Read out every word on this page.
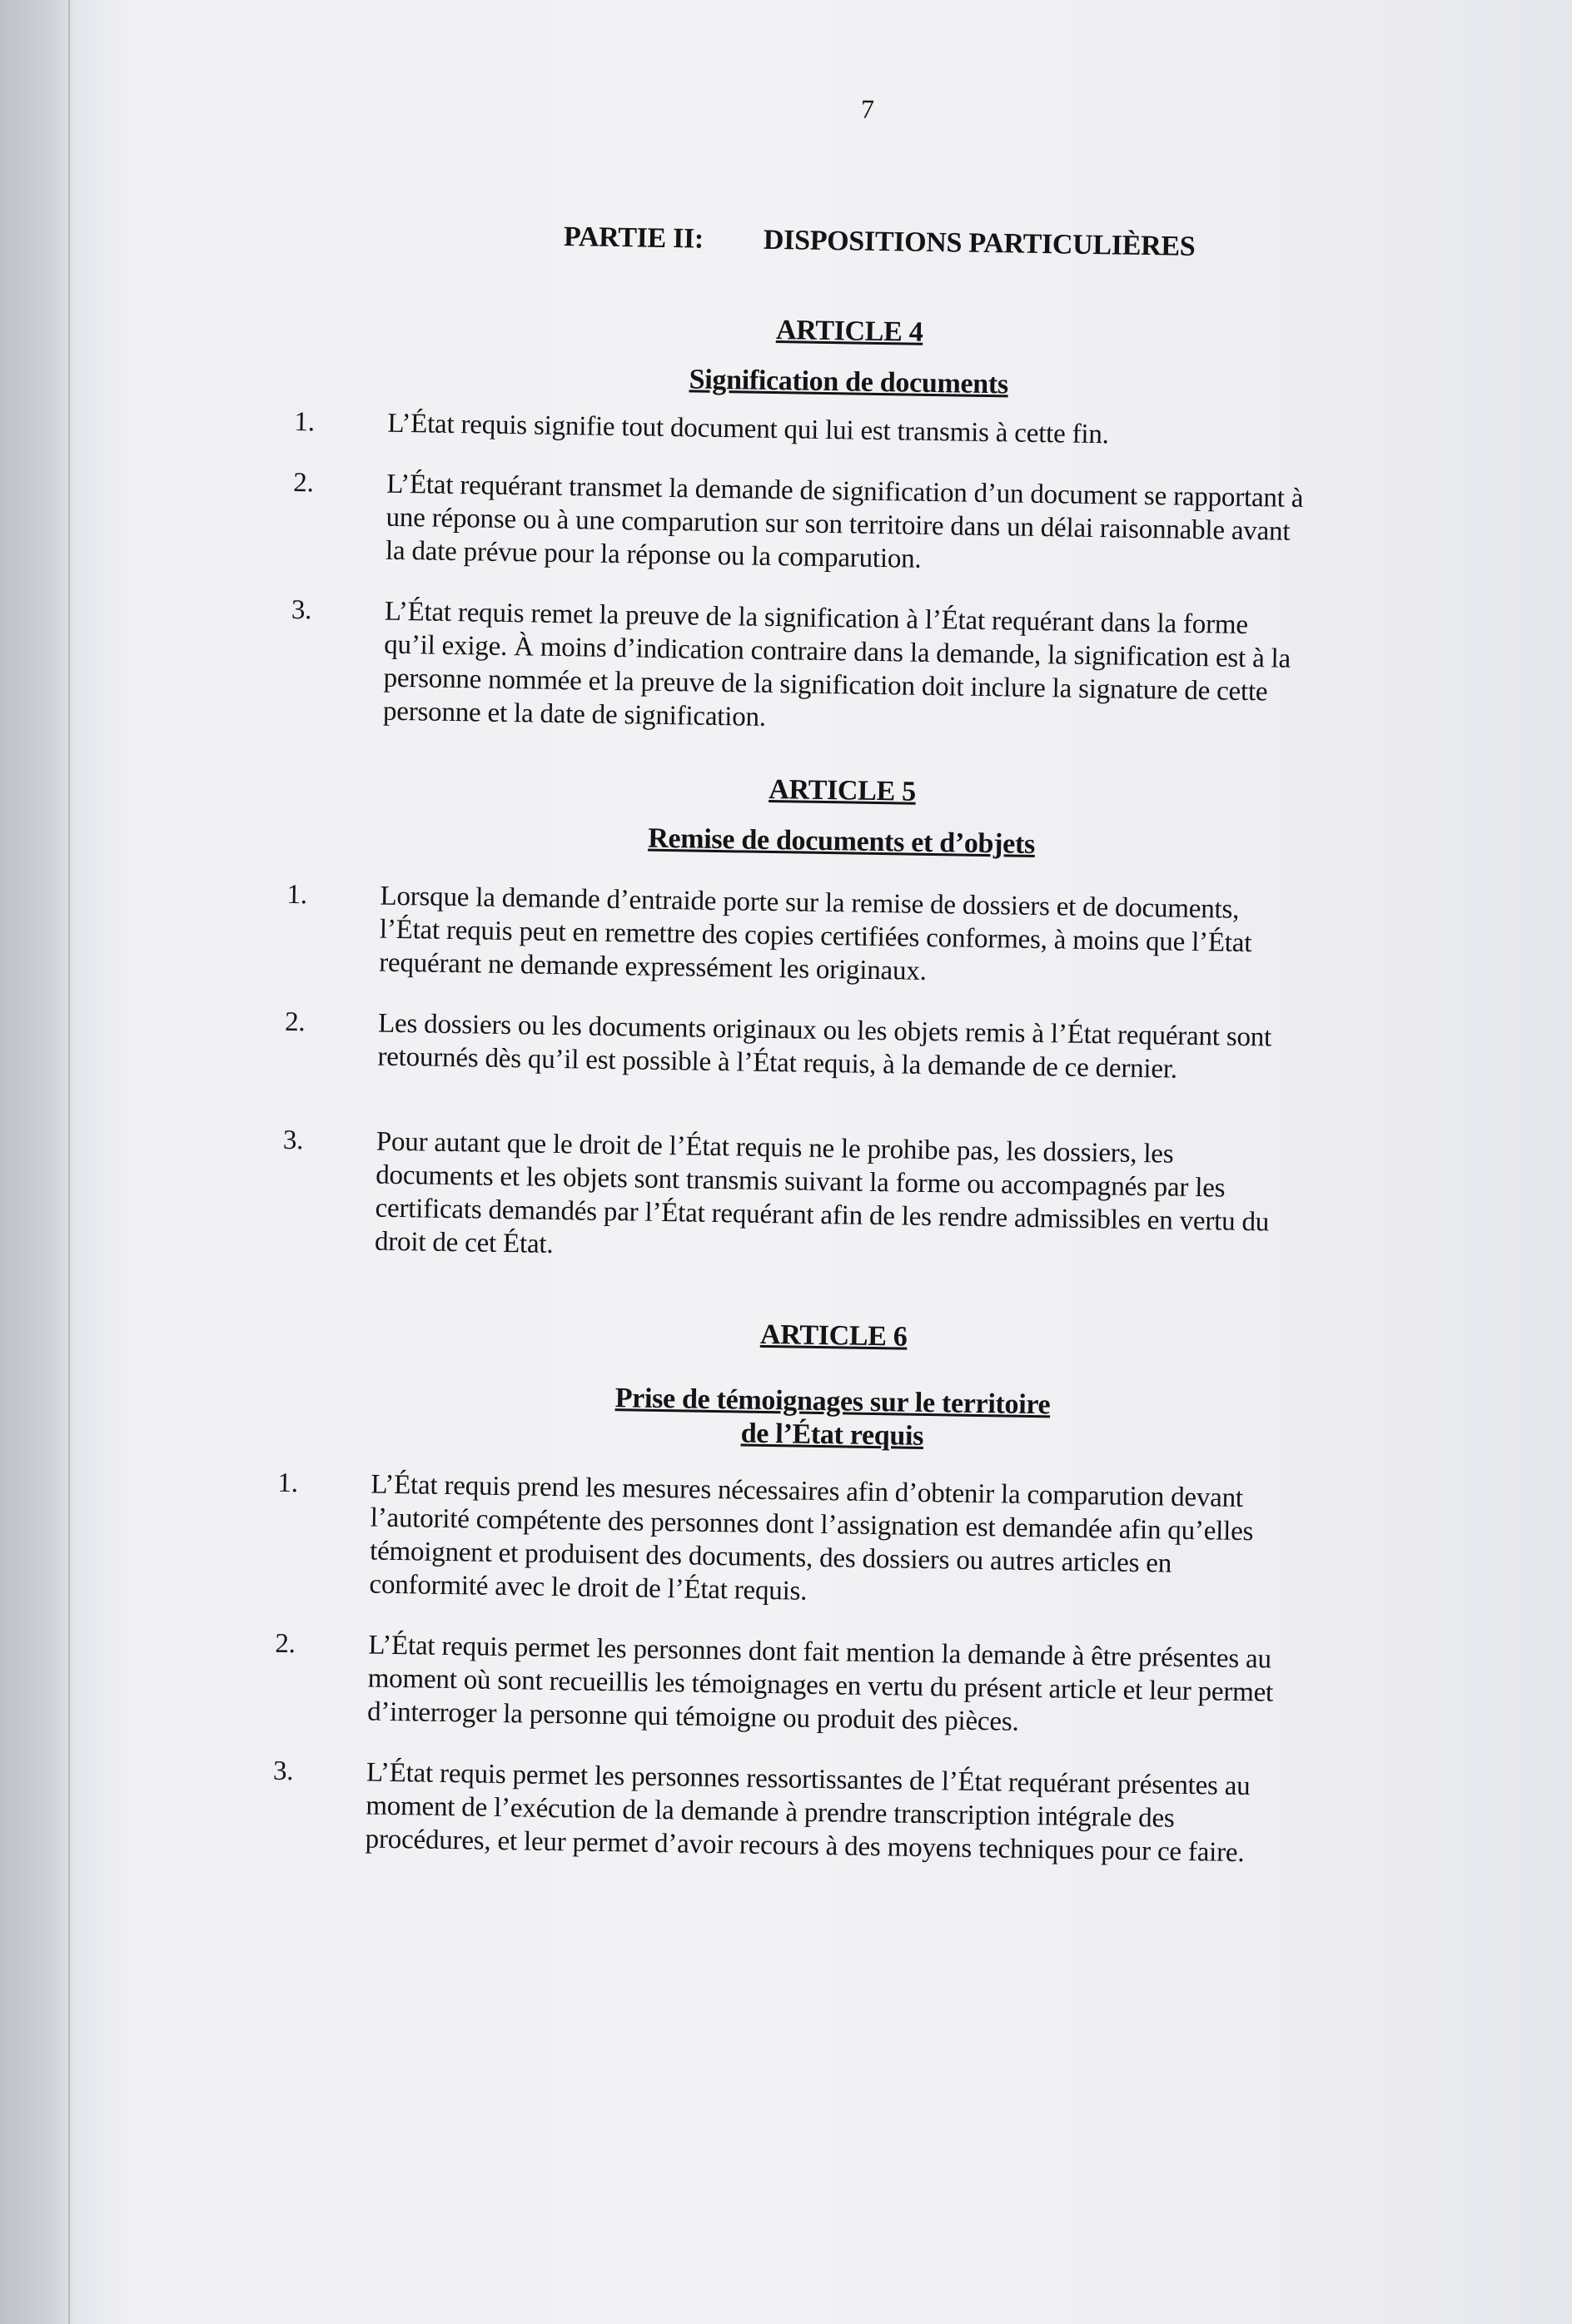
7
PARTIE II: DISPOSITIONS PARTICULIÈRES
ARTICLE 4
Signification de documents
1.	L’État requis signifie tout document qui lui est transmis à cette fin.
2.	L’État requérant transmet la demande de signification d’un document se rapportant à une réponse ou à une comparution sur son territoire dans un délai raisonnable avant la date prévue pour la réponse ou la comparution.
3.	L’État requis remet la preuve de la signification à l’État requérant dans la forme qu’il exige. À moins d’indication contraire dans la demande, la signification est à la personne nommée et la preuve de la signification doit inclure la signature de cette personne et la date de signification.
ARTICLE 5
Remise de documents et d’objets
1.	Lorsque la demande d’entraide porte sur la remise de dossiers et de documents, l’État requis peut en remettre des copies certifiées conformes, à moins que l’État requérant ne demande expressément les originaux.
2.	Les dossiers ou les documents originaux ou les objets remis à l’État requérant sont retournés dès qu’il est possible à l’État requis, à la demande de ce dernier.
3.	Pour autant que le droit de l’État requis ne le prohibe pas, les dossiers, les documents et les objets sont transmis suivant la forme ou accompagnés par les certificats demandés par l’État requérant afin de les rendre admissibles en vertu du droit de cet État.
ARTICLE 6
Prise de témoignages sur le territoire
de l’État requis
1.	L’État requis prend les mesures nécessaires afin d’obtenir la comparution devant l’autorité compétente des personnes dont l’assignation est demandée afin qu’elles témoignent et produisent des documents, des dossiers ou autres articles en conformité avec le droit de l’État requis.
2.	L’État requis permet les personnes dont fait mention la demande à être présentes au moment où sont recueillis les témoignages en vertu du présent article et leur permet d’interroger la personne qui témoigne ou produit des pièces.
3.	L’État requis permet les personnes ressortissantes de l’État requérant présentes au moment de l’exécution de la demande à prendre transcription intégrale des procédures, et leur permet d’avoir recours à des moyens techniques pour ce faire.
